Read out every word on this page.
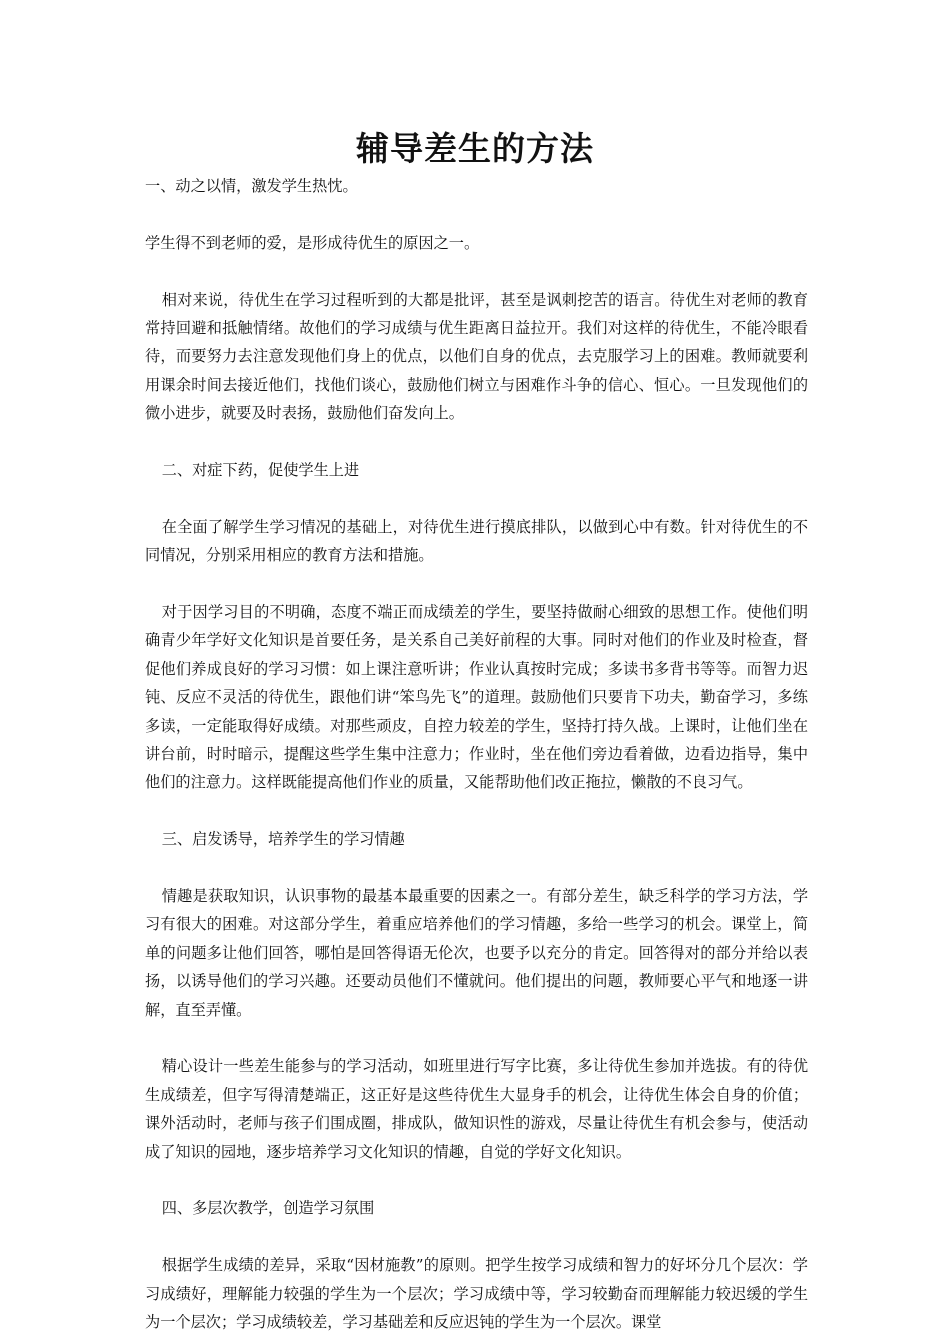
辅导差生的方法

一、动之以情，激发学生热忱。

学生得不到老师的爱，是形成待优生的原因之一。

相对来说，待优生在学习过程听到的大都是批评，甚至是讽刺挖苦的语言。待优生对老师的教育常持回避和抵触情绪。故他们的学习成绩与优生距离日益拉开。我们对这样的待优生，不能冷眼看待，而要努力去注意发现他们身上的优点，以他们自身的优点，去克服学习上的困难。教师就要利用课余时间去接近他们，找他们谈心，鼓励他们树立与困难作斗争的信心、恒心。一旦发现他们的微小进步，就要及时表扬，鼓励他们奋发向上。

二、对症下药，促使学生上进

在全面了解学生学习情况的基础上，对待优生进行摸底排队，以做到心中有数。针对待优生的不同情况，分别采用相应的教育方法和措施。

对于因学习目的不明确，态度不端正而成绩差的学生，要坚持做耐心细致的思想工作。使他们明确青少年学好文化知识是首要任务，是关系自己美好前程的大事。同时对他们的作业及时检查，督促他们养成良好的学习习惯：如上课注意听讲；作业认真按时完成；多读书多背书等等。而智力迟钝、反应不灵活的待优生，跟他们讲“笨鸟先飞”的道理。鼓励他们只要肯下功夫，勤奋学习，多练多读，一定能取得好成绩。对那些顽皮，自控力较差的学生，坚持打持久战。上课时，让他们坐在讲台前，时时暗示，提醒这些学生集中注意力；作业时，坐在他们旁边看着做，边看边指导，集中他们的注意力。这样既能提高他们作业的质量，又能帮助他们改正拖拉，懒散的不良习气。

三、启发诱导，培养学生的学习情趣

情趣是获取知识，认识事物的最基本最重要的因素之一。有部分差生，缺乏科学的学习方法，学习有很大的困难。对这部分学生，着重应培养他们的学习情趣，多给一些学习的机会。课堂上，简单的问题多让他们回答，哪怕是回答得语无伦次，也要予以充分的肯定。回答得对的部分并给以表扬，以诱导他们的学习兴趣。还要动员他们不懂就问。他们提出的问题，教师要心平气和地逐一讲解，直至弄懂。

精心设计一些差生能参与的学习活动，如班里进行写字比赛，多让待优生参加并选拔。有的待优生成绩差，但字写得清楚端正，这正好是这些待优生大显身手的机会，让待优生体会自身的价值；课外活动时，老师与孩子们围成圈，排成队，做知识性的游戏，尽量让待优生有机会参与，使活动成了知识的园地，逐步培养学习文化知识的情趣，自觉的学好文化知识。

四、多层次教学，创造学习氛围

根据学生成绩的差异，采取“因材施教”的原则。把学生按学习成绩和智力的好坏分几个层次：学习成绩好，理解能力较强的学生为一个层次；学习成绩中等，学习较勤奋而理解能力较迟缓的学生为一个层次；学习成绩较差，学习基础差和反应迟钝的学生为一个层次。课堂
